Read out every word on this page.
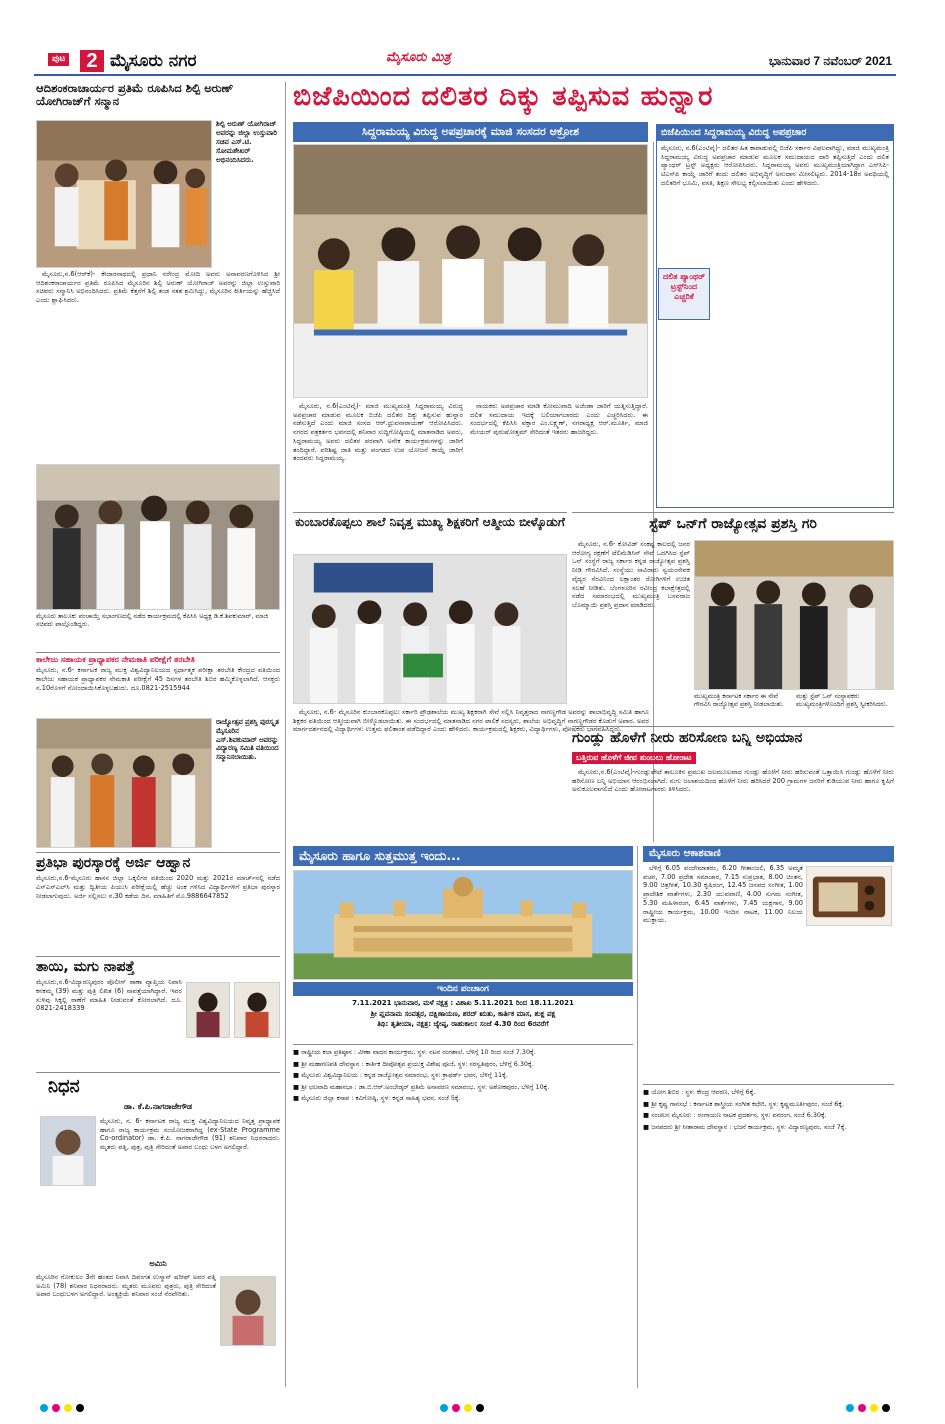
ಪುಟ	2 ಮೈಸೂರು ನಗರ	ಮೈಸೂರು ಮಿತ್ರ	ಭಾನುವಾರ 7 ನವೆಂಬರ್ 2021
ಆದಿಶಂಕರಾಚಾರ್ಯರ ಪ್ರತಿಮೆ ರೂಪಿಸಿದ ಶಿಲ್ಪಿ ಅರುಣ್ ಯೋಗಿರಾಜ್‌ಗೆ ಸನ್ಮಾನ
ಶಿಲ್ಪಿ ಅರುಣ್ ಯೋಗಿರಾಜ್ ಅವರನ್ನು ಜಿಲ್ಲಾ ಉಸ್ತುವಾರಿ ಸಚಿವ ಎಸ್.ಟಿ. ಸೋಮಶೇಖರ್ ಅಭಿನಂದಿಸಿದರು.

ಮೈಸೂರು,ನ.6(ಆರ್‌ಕೆ)- ಕೇದಾರನಾಥದಲ್ಲಿ ಪ್ರಧಾನಿ ನರೇಂದ್ರ ಮೋದಿ ಅವರು ಅನಾವರಣಗೊಳಿಸಿದ ಶ್ರೀ ಆದಿಶಂಕರಾಚಾರ್ಯರ ಪ್ರತಿಮೆ ರೂಪಿಸಿದ ಮೈಸೂರಿನ ಶಿಲ್ಪಿ ಅರುಣ್ ಯೋಗಿರಾಜ್ ಅವರನ್ನು ಜಿಲ್ಲಾ ಉಸ್ತುವಾರಿ ಸಚಿವರು ಸನ್ಮಾನಿಸಿ ಅಭಿನಂದಿಸಿದರು. ಪ್ರತಿಮೆ ಕೆತ್ತನೆಗೆ ಶಿಲ್ಪಿ ತಂಡ ಸತತ ಶ್ರಮಿಸಿದ್ದು, ಮೈಸೂರಿನ ಕೀರ್ತಿಯನ್ನು ಹೆಚ್ಚಿಸಿದೆ ಎಂದು ಶ್ಲಾಘಿಸಿದರು.

ಮೈಸೂರು ತಾಲೂಕು ಪಂಚಾಯ್ತಿ ಸಭಾಂಗಣದಲ್ಲಿ ನಡೆದ ಕಾರ್ಯಕ್ರಮದಲ್ಲಿ ಕೆಪಿಸಿಸಿ ಅಧ್ಯಕ್ಷ ಡಿ.ಕೆ.ಶಿವಕುಮಾರ್, ಮಾಜಿ ಸಚಿವರು ಪಾಲ್ಗೊಂಡಿದ್ದರು.
ಕಾಲೇಜು ಸಹಾಯಕ ಪ್ರಾಧ್ಯಾಪಕರ ನೇಮಕಾತಿ ಪರೀಕ್ಷೆಗೆ ತರಬೇತಿ
ಮೈಸೂರು, ನ.6- ಕರ್ನಾಟಕ ರಾಜ್ಯ ಮುಕ್ತ ವಿಶ್ವವಿದ್ಯಾನಿಲಯದ ಸ್ಪರ್ಧಾತ್ಮಕ ಪರೀಕ್ಷಾ ತರಬೇತಿ ಕೇಂದ್ರದ ವತಿಯಿಂದ ಕಾಲೇಜು ಸಹಾಯಕ ಪ್ರಾಧ್ಯಾಪಕರ ನೇಮಕಾತಿ ಪರೀಕ್ಷೆಗೆ 45 ದಿನಗಳ ತರಬೇತಿ ಶಿಬಿರ ಹಮ್ಮಿಕೊಳ್ಳಲಾಗಿದೆ. ಆಸಕ್ತರು ನ.10ರೊಳಗೆ ನೋಂದಾಯಿಸಿಕೊಳ್ಳಬಹುದು. ದೂ.0821-2515944
ರಾಜ್ಯೋತ್ಸವ ಪ್ರಶಸ್ತಿ ಪುರಸ್ಕೃತ ಮೈಸೂರಿನ ಎಸ್.ಶಿವಕುಮಾರ್ ಅವರನ್ನು ವಿದ್ಯಾರಣ್ಯ ಸಮಿತಿ ವತಿಯಿಂದ ಸನ್ಮಾನಿಸಲಾಯಿತು.
ಪ್ರತಿಭಾ ಪುರಸ್ಕಾರಕ್ಕೆ ಅರ್ಜಿ ಆಹ್ವಾನ
ಮೈಸೂರು,ನ.6-ಮೈಸೂರು ಹಾಸನ ಜಿಲ್ಲಾ ಒಕ್ಕಲಿಗರ ವತಿಯಿಂದ 2020 ಮತ್ತು 2021ರ ಮಾರ್ಚ್‌ನಲ್ಲಿ ನಡೆದ ಎಸ್‌ಎಸ್‌ಎಲ್‌ಸಿ ಮತ್ತು ದ್ವಿತೀಯ ಪಿಯುಸಿ ಪರೀಕ್ಷೆಯಲ್ಲಿ ಹೆಚ್ಚು ಅಂಕ ಗಳಿಸಿದ ವಿದ್ಯಾರ್ಥಿಗಳಿಗೆ ಪ್ರತಿಭಾ ಪುರಸ್ಕಾರ ನೀಡಲಾಗುವುದು. ಅರ್ಜಿ ಸಲ್ಲಿಸಲು ನ.30 ಕಡೆಯ ದಿನ. ಮಾಹಿತಿಗೆ ಮೊ.9886647852
ತಾಯಿ, ಮಗು ನಾಪತ್ತೆ
ಮೈಸೂರು,ನ.6-ವಿದ್ಯಾರಣ್ಯಪುರಂ ಪೊಲೀಸ್ ಠಾಣಾ ವ್ಯಾಪ್ತಿಯ ನಿವಾಸಿ ಕನಕಮ್ಮ (39) ಮತ್ತು ಪುತ್ರಿ ಲಿಖಿತ (6) ನಾಪತ್ತೆಯಾಗಿದ್ದಾರೆ. ಇವರ ಸುಳಿವು ಸಿಕ್ಕಲ್ಲಿ ಠಾಣೆಗೆ ಮಾಹಿತಿ ನೀಡುವಂತೆ ಕೋರಲಾಗಿದೆ. ದೂ. 0821-2418339
ನಿಧನ
ಡಾ. ಕೆ.ಪಿ.ನಾಗರಾಜೇಗೌಡ
ಮೈಸೂರು, ನ. 6- ಕರ್ನಾಟಕ ರಾಜ್ಯ ಮುಕ್ತ ವಿಶ್ವವಿದ್ಯಾನಿಲಯದ ನಿವೃತ್ತ ಪ್ರಾಧ್ಯಾಪಕ ಹಾಗೂ ರಾಜ್ಯ ಕಾರ್ಯಕ್ರಮ ಸಂಯೋಜಕರಾಗಿದ್ದ (ex-State Programme Co-ordinator) ಡಾ. ಕೆ.ಪಿ. ನಾಗರಾಜೇಗೌಡ (91) ಶನಿವಾರ ನಿಧನರಾದರು. ಮೃತರು ಪತ್ನಿ, ಪುತ್ರ, ಪುತ್ರಿ ಸೇರಿದಂತೆ ಅಪಾರ ಬಂಧು ಬಳಗ ಅಗಲಿದ್ದಾರೆ.
ಅಮಿನಿ
ಮೈಸೂರಿನ ಗೋಕುಲಂ 3ನೇ ಹಂತದ ನಿವಾಸಿ ದಿವಂಗತ ಉಸ್ಮಾನ್ ಷರೀಫ್ ಅವರ ಪತ್ನಿ ಅಮಿನಿ (78) ಶನಿವಾರ ನಿಧನರಾದರು. ಮೃತರು ಮೂವರು ಪುತ್ರರು, ಪುತ್ರಿ ಸೇರಿದಂತೆ ಅಪಾರ ಬಂಧುಬಳಗ ಅಗಲಿದ್ದಾರೆ. ಅಂತ್ಯಕ್ರಿಯೆ ಶನಿವಾರ ಸಂಜೆ ನೆರವೇರಿತು.
ಬಿಜೆಪಿಯಿಂದ ದಲಿತರ ದಿಕ್ಕು ತಪ್ಪಿಸುವ ಹುನ್ನಾರ
ಸಿದ್ದರಾಮಯ್ಯ ವಿರುದ್ಧ ಅಪಪ್ರಚಾರಕ್ಕೆ ಮಾಜಿ ಸಂಸದರ ಆಕ್ರೋಶ

ಮೈಸೂರು, ನ.6(ಎಂಟಿವೈ)- ಮಾಜಿ ಮುಖ್ಯಮಂತ್ರಿ ಸಿದ್ದರಾಮಯ್ಯ ವಿರುದ್ಧ ಅಪಪ್ರಚಾರ ಮಾಡುವ ಮೂಲಕ ಬಿಜೆಪಿ ದಲಿತರ ದಿಕ್ಕು ತಪ್ಪಿಸುವ ಹುನ್ನಾರ ನಡೆಸುತ್ತಿದೆ ಎಂದು ಮಾಜಿ ಸಂಸದ ಆರ್.ಧ್ರುವನಾರಾಯಣ್ ಆರೋಪಿಸಿದರು. ನಗರದ ಪತ್ರಕರ್ತರ ಭವನದಲ್ಲಿ ಶನಿವಾರ ಸುದ್ದಿಗೋಷ್ಠಿಯಲ್ಲಿ ಮಾತನಾಡಿದ ಅವರು, ಸಿದ್ದರಾಮಯ್ಯ ಅವರು ದಲಿತರ ಪರವಾಗಿ ಅನೇಕ ಕಾರ್ಯಕ್ರಮಗಳನ್ನು ಜಾರಿಗೆ ತಂದಿದ್ದಾರೆ. ಪರಿಶಿಷ್ಟ ಜಾತಿ ಮತ್ತು ಪಂಗಡದ ಉಪ ಯೋಜನೆ ಕಾಯ್ದೆ ಜಾರಿಗೆ ತಂದವರು ಸಿದ್ದರಾಮಯ್ಯ.

ನಾಯಕರು ಅಪಪ್ರಚಾರ ಮಾಡಿ ಕೋಮುವಾದಿ ಅಜೆಂಡಾ ಜಾರಿಗೆ ಯತ್ನಿಸುತ್ತಿದ್ದಾರೆ. ದಲಿತ ಸಮುದಾಯ ಇದಕ್ಕೆ ಬಲಿಯಾಗಬಾರದು ಎಂದು ಎಚ್ಚರಿಸಿದರು. ಈ ಸಂದರ್ಭದಲ್ಲಿ ಕೆಪಿಸಿಸಿ ವಕ್ತಾರ ಎಂ.ಲಕ್ಷ್ಮಣ್, ನಗರಾಧ್ಯಕ್ಷ ಆರ್.ಮೂರ್ತಿ, ಮಾಜಿ ಮೇಯರ್ ಪುರುಷೋತ್ತಮ್ ಸೇರಿದಂತೆ ಇತರರು ಹಾಜರಿದ್ದರು.

ಬಿಜೆಪಿಯಿಂದ ಸಿದ್ದರಾಮಯ್ಯ ವಿರುದ್ಧ ಅಪಪ್ರಚಾರ
ಮೈಸೂರು, ನ.6(ಎಂಟಿವೈ)- ದಲಿತರ ಹಿತ ಕಾಪಾಡುವಲ್ಲಿ ಬಿಜೆಪಿ ಸರ್ಕಾರ ವಿಫಲವಾಗಿದ್ದು, ಮಾಜಿ ಮುಖ್ಯಮಂತ್ರಿ ಸಿದ್ದರಾಮಯ್ಯ ವಿರುದ್ಧ ಅಪಪ್ರಚಾರ ಮಾಡುವ ಮೂಲಕ ಸಮುದಾಯದ ದಾರಿ ತಪ್ಪಿಸುತ್ತಿದೆ ಎಂದು ದಲಿತ ಪ್ಯಾಂಥರ್ ಟ್ರಸ್ಟ್ ಅಧ್ಯಕ್ಷರು ಆರೋಪಿಸಿದರು. ಸಿದ್ದರಾಮಯ್ಯ ಅವರು ಮುಖ್ಯಮಂತ್ರಿಯಾಗಿದ್ದಾಗ ಎಸ್‌ಸಿಪಿ-ಟಿಎಸ್‌ಪಿ ಕಾಯ್ದೆ ಜಾರಿಗೆ ತಂದು ದಲಿತರ ಅಭಿವೃದ್ಧಿಗೆ ಅನುದಾನ ಮೀಸಲಿಟ್ಟರು. 2014-18ರ ಅವಧಿಯಲ್ಲಿ ದಲಿತರಿಗೆ ಭೂಮಿ, ವಸತಿ, ಶಿಕ್ಷಣ ಸೌಲಭ್ಯ ಕಲ್ಪಿಸಲಾಯಿತು ಎಂದು ಹೇಳಿದರು.
ದಲಿತ ಪ್ಯಾಂಥರ್ ಟ್ರಸ್ಟ್‌ನಿಂದ ಎಚ್ಚರಿಕೆ
ಕುಂಬಾರಕೊಪ್ಪಲು ಶಾಲೆ ನಿವೃತ್ತ ಮುಖ್ಯ ಶಿಕ್ಷಕರಿಗೆ ಆತ್ಮೀಯ ಬೀಳ್ಕೊಡುಗೆ

ಮೈಸೂರು, ನ.6- ಮೈಸೂರಿನ ಕುಂಬಾರಕೊಪ್ಪಲು ಸರ್ಕಾರಿ ಪ್ರೌಢಶಾಲೆಯ ಮುಖ್ಯ ಶಿಕ್ಷಕರಾಗಿ ಸೇವೆ ಸಲ್ಲಿಸಿ ನಿವೃತ್ತರಾದ ನಾಗಣ್ಣಗೌಡ ಅವರನ್ನು ಶಾಲಾಭಿವೃದ್ಧಿ ಸಮಿತಿ ಹಾಗೂ ಶಿಕ್ಷಕರ ವತಿಯಿಂದ ಆತ್ಮೀಯವಾಗಿ ಬೀಳ್ಕೊಡಲಾಯಿತು. ಈ ಸಂದರ್ಭದಲ್ಲಿ ಮಾತನಾಡಿದ ನಗರ ಪಾಲಿಕೆ ಸದಸ್ಯರು, ಶಾಲೆಯ ಅಭಿವೃದ್ಧಿಗೆ ನಾಗಣ್ಣಗೌಡರ ಕೊಡುಗೆ ಅಪಾರ. ಅವರ ಮಾರ್ಗದರ್ಶನದಲ್ಲಿ ವಿದ್ಯಾರ್ಥಿಗಳು ಉತ್ತಮ ಫಲಿತಾಂಶ ಪಡೆದಿದ್ದಾರೆ ಎಂದು ಹೇಳಿದರು. ಕಾರ್ಯಕ್ರಮದಲ್ಲಿ ಶಿಕ್ಷಕರು, ವಿದ್ಯಾರ್ಥಿಗಳು, ಪೋಷಕರು ಭಾಗವಹಿಸಿದ್ದರು.

ಸ್ಟೆಪ್ ಒನ್‌ಗೆ ರಾಜ್ಯೋತ್ಸವ ಪ್ರಶಸ್ತಿ ಗರಿ

ಮೈಸೂರು, ನ.6- ಕೋವಿಡ್ ಸಂಕಷ್ಟ ಕಾಲದಲ್ಲಿ ಜನರ ಆರೋಗ್ಯ ರಕ್ಷಣೆಗೆ ಟೆಲಿಮೆಡಿಸಿನ್ ಸೇವೆ ಒದಗಿಸಿದ ಸ್ಟೆಪ್ ಒನ್ ಸಂಸ್ಥೆಗೆ ರಾಜ್ಯ ಸರ್ಕಾರ ಕನ್ನಡ ರಾಜ್ಯೋತ್ಸವ ಪ್ರಶಸ್ತಿ ನೀಡಿ ಗೌರವಿಸಿದೆ. ಸಂಸ್ಥೆಯು ಸಾವಿರಾರು ಸ್ವಯಂಸೇವಕ ವೈದ್ಯರ ನೆರವಿನಿಂದ ಲಕ್ಷಾಂತರ ರೋಗಿಗಳಿಗೆ ಉಚಿತ ಸಲಹೆ ನೀಡಿತು. ಬೆಂಗಳೂರಿನ ರವೀಂದ್ರ ಕಲಾಕ್ಷೇತ್ರದಲ್ಲಿ ನಡೆದ ಸಮಾರಂಭದಲ್ಲಿ ಮುಖ್ಯಮಂತ್ರಿ ಬಸವರಾಜ ಬೊಮ್ಮಾಯಿ ಪ್ರಶಸ್ತಿ ಪ್ರದಾನ ಮಾಡಿದರು.

ಮುಖ್ಯಮಂತ್ರಿ ಕರ್ನಾಟಕ ಸರ್ಕಾರ ಈ ಸೇವೆ ಗೌರವಿಸಿ ರಾಜ್ಯೋತ್ಸವ ಪ್ರಶಸ್ತಿ ನೀಡಲಾಯಿತು.
ಮತ್ತು ಸ್ಟೆಪ್ ಒನ್ ಸಂಸ್ಥಾಪಕರು ಮುಖ್ಯಮಂತ್ರಿಗಳೊಂದಿಗೆ ಪ್ರಶಸ್ತಿ ಸ್ವೀಕರಿಸಿದರು.
ಗುಂಡ್ಲು ಹೊಳೆಗೆ ನೀರು ಹರಿಸೋಣ ಬನ್ನಿ ಅಭಿಯಾನ
ಬತ್ತಿರುವ ಹೊಳೆಗೆ ಜೀವ ತುಂಬಲು ಹೋರಾಟ

ಮೈಸೂರು,ನ.6(ಎಂಟಿವೈ)-ಗುಂಡ್ಲುಪೇಟೆ ತಾಲೂಕಿನ ಪ್ರಮುಖ ಜಲಮೂಲವಾದ ಗುಂಡ್ಲು ಹೊಳೆಗೆ ನೀರು ಹರಿಸುವಂತೆ ಒತ್ತಾಯಿಸಿ ಗುಂಡ್ಲು ಹೊಳೆಗೆ ನೀರು ಹರಿಸೋಣ ಬನ್ನಿ ಅಭಿಯಾನ ಆರಂಭಿಸಲಾಗಿದೆ. ನುಗು ಜಲಾಶಯದಿಂದ ಹೊಳೆಗೆ ನೀರು ಹರಿಸಿದರೆ 200 ಗ್ರಾಮಗಳ ಜನರಿಗೆ ಕುಡಿಯುವ ನೀರು ಹಾಗೂ ಕೃಷಿಗೆ ಅನುಕೂಲವಾಗಲಿದೆ ಎಂದು ಹೋರಾಟಗಾರರು ತಿಳಿಸಿದರು.

ಮೈಸೂರು ಹಾಗೂ ಸುತ್ತಮುತ್ತ ಇಂದು...
ಇಂದಿನ ಪಂಚಾಂಗ
7.11.2021 ಭಾನುವಾರ, ಮಳೆ ನಕ್ಷತ್ರ : ವಿಶಾಖ 5.11.2021 ರಿಂದ 18.11.2021
ಶ್ರೀ ಪ್ಲವನಾಮ ಸಂವತ್ಸರ, ದಕ್ಷಿಣಾಯಣ, ಶರದ್ ಋತು, ಕಾರ್ತಿಕ ಮಾಸ, ಶುಕ್ಲ ಪಕ್ಷ
ತಿಥಿ: ತೃತೀಯಾ, ನಕ್ಷತ್ರ: ಜ್ಯೇಷ್ಠ, ರಾಹುಕಾಲ: ಸಂಜೆ 4.30 ರಿಂದ 6ರವರೆಗೆ

■ ರಾಷ್ಟ್ರೀಯ ಕಲಾ ಪ್ರತಿಷ್ಠಾನ : ವೀಣಾ ವಾದನ ಕಾರ್ಯಕ್ರಮ, ಸ್ಥಳ: ನಟನ ರಂಗಶಾಲೆ, ಬೆಳಿಗ್ಗೆ 10 ರಿಂದ ಸಂಜೆ 7.30ಕ್ಕೆ.

■ ಶ್ರೀ ಮಹಾಗಣಪತಿ ದೇವಸ್ಥಾನ : ಕಾರ್ತಿಕ ದೀಪೋತ್ಸವ ಪ್ರಯುಕ್ತ ವಿಶೇಷ ಪೂಜೆ, ಸ್ಥಳ: ಸರಸ್ವತಿಪುರಂ, ಬೆಳಿಗ್ಗೆ 6.30ಕ್ಕೆ.

■ ಮೈಸೂರು ವಿಶ್ವವಿದ್ಯಾನಿಲಯ : ಕನ್ನಡ ರಾಜ್ಯೋತ್ಸವ ಸಮಾರಂಭ, ಸ್ಥಳ: ಕ್ರಾಫರ್ಡ್ ಭವನ, ಬೆಳಿಗ್ಗೆ 11ಕ್ಕೆ.

■ ಶ್ರೀ ಛಲವಾದಿ ಮಹಾಸಭಾ : ಡಾ.ಬಿ.ಆರ್.ಅಂಬೇಡ್ಕರ್ ಪ್ರತಿಮೆ ಅನಾವರಣ ಸಮಾರಂಭ, ಸ್ಥಳ: ಅಶೋಕಪುರಂ, ಬೆಳಿಗ್ಗೆ 10ಕ್ಕೆ.

■ ಮೈಸೂರು ಜಿಲ್ಲಾ ಕಸಾಪ : ಕವಿಗೋಷ್ಠಿ, ಸ್ಥಳ: ಕನ್ನಡ ಸಾಹಿತ್ಯ ಭವನ, ಸಂಜೆ 5ಕ್ಕೆ.

ಮೈಸೂರು ಆಕಾಶವಾಣಿ

ಬೆಳಿಗ್ಗೆ 6.05 ವಂದೇಮಾತರಂ, 6.20 ಗೀತಾಂಜಲಿ, 6.35 ಅಮೃತ ವಚನ, 7.00 ಪ್ರದೇಶ ಸಮಾಚಾರ, 7.15 ಸುಪ್ರಭಾತ, 8.00 ಚಿಂತನ, 9.00 ಚಿತ್ರಗೀತೆ, 10.30 ಕೃಷಿರಂಗ, 12.45 ಜನಪದ ಸಂಗೀತ, 1.00 ಪ್ರಾದೇಶಿಕ ವಾರ್ತೆಗಳು, 2.30 ಯುವವಾಣಿ, 4.00 ಸುಗಮ ಸಂಗೀತ, 5.30 ಮಹಿಳಾರಂಗ, 6.45 ವಾರ್ತೆಗಳು, 7.45 ಯಕ್ಷಗಾನ, 9.00 ರಾಷ್ಟ್ರೀಯ ಕಾರ್ಯಕ್ರಮ, 10.00 ಇಂದಿನ ನಾಟಕ, 11.00 ನಿಲಯ ಮುಕ್ತಾಯ.

■ ಯೋಗ ಶಿಬಿರ : ಸ್ಥಳ: ಕೇಂದ್ರ ಆವರಣ, ಬೆಳಿಗ್ಗೆ 6ಕ್ಕೆ.

■ ಶ್ರೀ ಕೃಷ್ಣ ಗಾನಸಭೆ : ಕರ್ನಾಟಕ ಶಾಸ್ತ್ರೀಯ ಸಂಗೀತ ಕಛೇರಿ, ಸ್ಥಳ: ಕೃಷ್ಣಮೂರ್ತಿಪುರಂ, ಸಂಜೆ 6ಕ್ಕೆ.

■ ಸಂಚಲನ ಮೈಸೂರು : ರಂಗಾಯಣ ನಾಟಕ ಪ್ರದರ್ಶನ, ಸ್ಥಳ: ವನರಂಗ, ಸಂಜೆ 6.30ಕ್ಕೆ.

■ ಜನಪದರು ಶ್ರೀ ಸೀತಾರಾಮ ದೇವಸ್ಥಾನ : ಭಜನೆ ಕಾರ್ಯಕ್ರಮ, ಸ್ಥಳ: ವಿದ್ಯಾರಣ್ಯಪುರಂ, ಸಂಜೆ 7ಕ್ಕೆ.
